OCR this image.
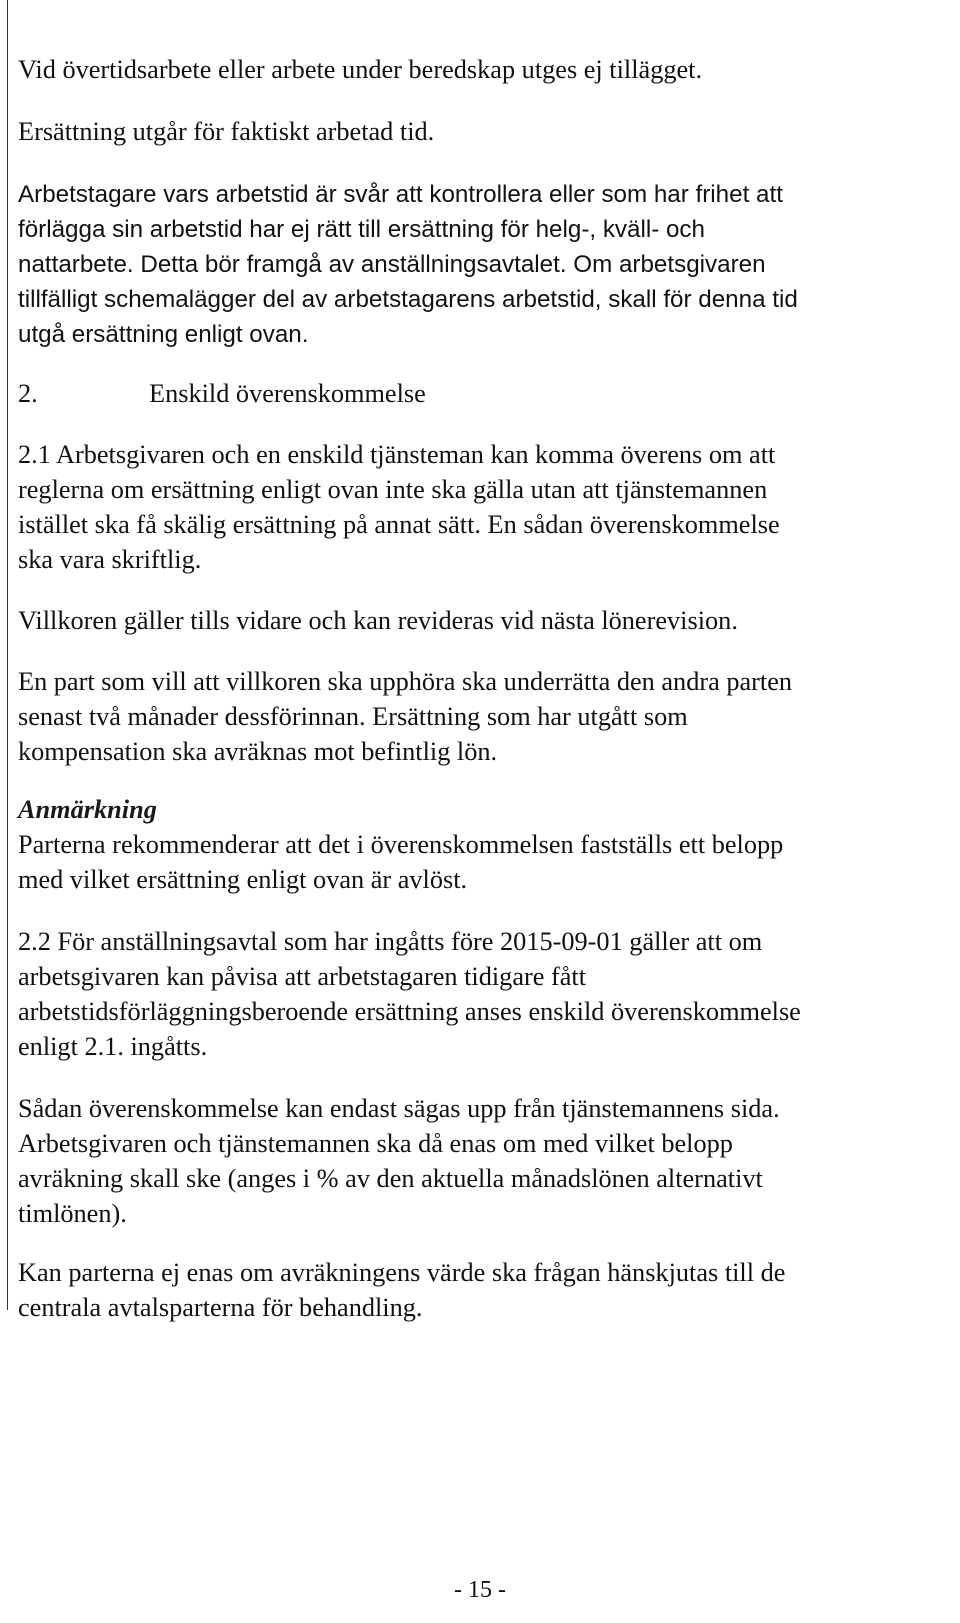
Vid övertidsarbete eller arbete under beredskap utges ej tillägget.

Ersättning utgår för faktiskt arbetad tid.

Arbetstagare vars arbetstid är svår att kontrollera eller som har frihet att
förlägga sin arbetstid har ej rätt till ersättning för helg-, kväll- och
nattarbete. Detta bör framgå av anställningsavtalet. Om arbetsgivaren
tillfälligt schemalägger del av arbetstagarens arbetstid, skall för denna tid
utgå ersättning enligt ovan.

2.	Enskild överenskommelse

2.1 Arbetsgivaren och en enskild tjänsteman kan komma överens om att
reglerna om ersättning enligt ovan inte ska gälla utan att tjänstemannen
istället ska få skälig ersättning på annat sätt. En sådan överenskommelse
ska vara skriftlig.

Villkoren gäller tills vidare och kan revideras vid nästa lönerevision.

En part som vill att villkoren ska upphöra ska underrätta den andra parten
senast två månader dessförinnan. Ersättning som har utgått som
kompensation ska avräknas mot befintlig lön.

Anmärkning
Parterna rekommenderar att det i överenskommelsen fastställs ett belopp
med vilket ersättning enligt ovan är avlöst.

2.2 För anställningsavtal som har ingåtts före 2015-09-01 gäller att om
arbetsgivaren kan påvisa att arbetstagaren tidigare fått
arbetstidsförläggningsberoende ersättning anses enskild överenskommelse
enligt 2.1. ingåtts.

Sådan överenskommelse kan endast sägas upp från tjänstemannens sida.
Arbetsgivaren och tjänstemannen ska då enas om med vilket belopp
avräkning skall ske (anges i % av den aktuella månadslönen alternativt
timlönen).

Kan parterna ej enas om avräkningens värde ska frågan hänskjutas till de
centrala avtalsparterna för behandling.

- 15 -
